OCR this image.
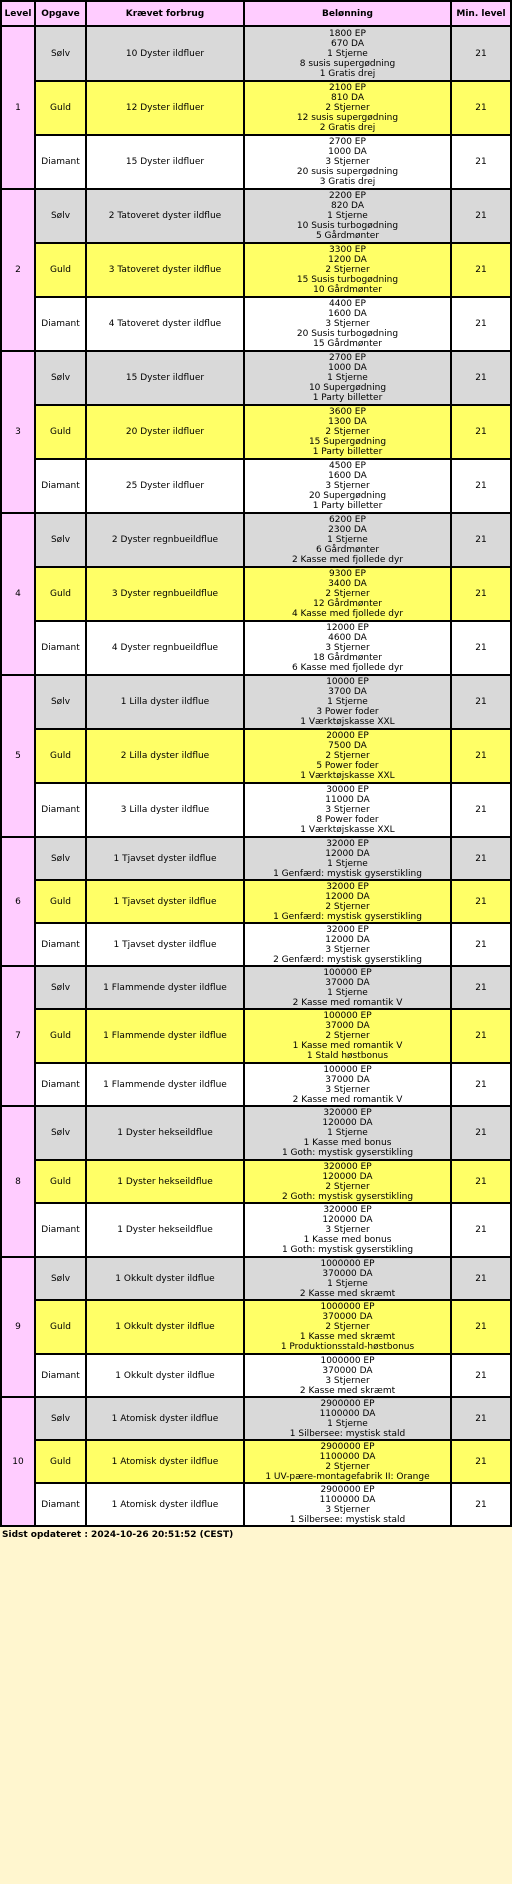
Level	Opgave	Krævet forbrug	Belønning	Min. level
1	Sølv	10 Dyster ildfluer	1800 EP
670 DA
1 Stjerne
8 susis supergødning
1 Gratis drej	21
	Guld	12 Dyster ildfluer	2100 EP
810 DA
2 Stjerner
12 susis supergødning
2 Gratis drej	21
	Diamant	15 Dyster ildfluer	2700 EP
1000 DA
3 Stjerner
20 susis supergødning
3 Gratis drej	21
2	Sølv	2 Tatoveret dyster ildflue	2200 EP
820 DA
1 Stjerne
10 Susis turbogødning
5 Gårdmønter	21
	Guld	3 Tatoveret dyster ildflue	3300 EP
1200 DA
2 Stjerner
15 Susis turbogødning
10 Gårdmønter	21
	Diamant	4 Tatoveret dyster ildflue	4400 EP
1600 DA
3 Stjerner
20 Susis turbogødning
15 Gårdmønter	21
3	Sølv	15 Dyster ildfluer	2700 EP
1000 DA
1 Stjerne
10 Supergødning
1 Party billetter	21
	Guld	20 Dyster ildfluer	3600 EP
1300 DA
2 Stjerner
15 Supergødning
1 Party billetter	21
	Diamant	25 Dyster ildfluer	4500 EP
1600 DA
3 Stjerner
20 Supergødning
1 Party billetter	21
4	Sølv	2 Dyster regnbueildflue	6200 EP
2300 DA
1 Stjerne
6 Gårdmønter
2 Kasse med fjollede dyr	21
	Guld	3 Dyster regnbueildflue	9300 EP
3400 DA
2 Stjerner
12 Gårdmønter
4 Kasse med fjollede dyr	21
	Diamant	4 Dyster regnbueildflue	12000 EP
4600 DA
3 Stjerner
18 Gårdmønter
6 Kasse med fjollede dyr	21
5	Sølv	1 Lilla dyster ildflue	10000 EP
3700 DA
1 Stjerne
3 Power foder
1 Værktøjskasse XXL	21
	Guld	2 Lilla dyster ildflue	20000 EP
7500 DA
2 Stjerner
5 Power foder
1 Værktøjskasse XXL	21
	Diamant	3 Lilla dyster ildflue	30000 EP
11000 DA
3 Stjerner
8 Power foder
1 Værktøjskasse XXL	21
6	Sølv	1 Tjavset dyster ildflue	32000 EP
12000 DA
1 Stjerne
1 Genfærd: mystisk gyserstikling	21
	Guld	1 Tjavset dyster ildflue	32000 EP
12000 DA
2 Stjerner
1 Genfærd: mystisk gyserstikling	21
	Diamant	1 Tjavset dyster ildflue	32000 EP
12000 DA
3 Stjerner
2 Genfærd: mystisk gyserstikling	21
7	Sølv	1 Flammende dyster ildflue	100000 EP
37000 DA
1 Stjerne
2 Kasse med romantik V	21
	Guld	1 Flammende dyster ildflue	100000 EP
37000 DA
2 Stjerner
1 Kasse med romantik V
1 Stald høstbonus	21
	Diamant	1 Flammende dyster ildflue	100000 EP
37000 DA
3 Stjerner
2 Kasse med romantik V	21
8	Sølv	1 Dyster hekseildflue	320000 EP
120000 DA
1 Stjerne
1 Kasse med bonus
1 Goth: mystisk gyserstikling	21
	Guld	1 Dyster hekseildflue	320000 EP
120000 DA
2 Stjerner
2 Goth: mystisk gyserstikling	21
	Diamant	1 Dyster hekseildflue	320000 EP
120000 DA
3 Stjerner
1 Kasse med bonus
1 Goth: mystisk gyserstikling	21
9	Sølv	1 Okkult dyster ildflue	1000000 EP
370000 DA
1 Stjerne
2 Kasse med skræmt	21
	Guld	1 Okkult dyster ildflue	1000000 EP
370000 DA
2 Stjerner
1 Kasse med skræmt
1 Produktionsstald-høstbonus	21
	Diamant	1 Okkult dyster ildflue	1000000 EP
370000 DA
3 Stjerner
2 Kasse med skræmt	21
10	Sølv	1 Atomisk dyster ildflue	2900000 EP
1100000 DA
1 Stjerne
1 Silbersee: mystisk stald	21
	Guld	1 Atomisk dyster ildflue	2900000 EP
1100000 DA
2 Stjerner
1 UV-pære-montagefabrik II: Orange	21
	Diamant	1 Atomisk dyster ildflue	2900000 EP
1100000 DA
3 Stjerner
1 Silbersee: mystisk stald	21
Sidst opdateret : 2024-10-26 20:51:52 (CEST)
